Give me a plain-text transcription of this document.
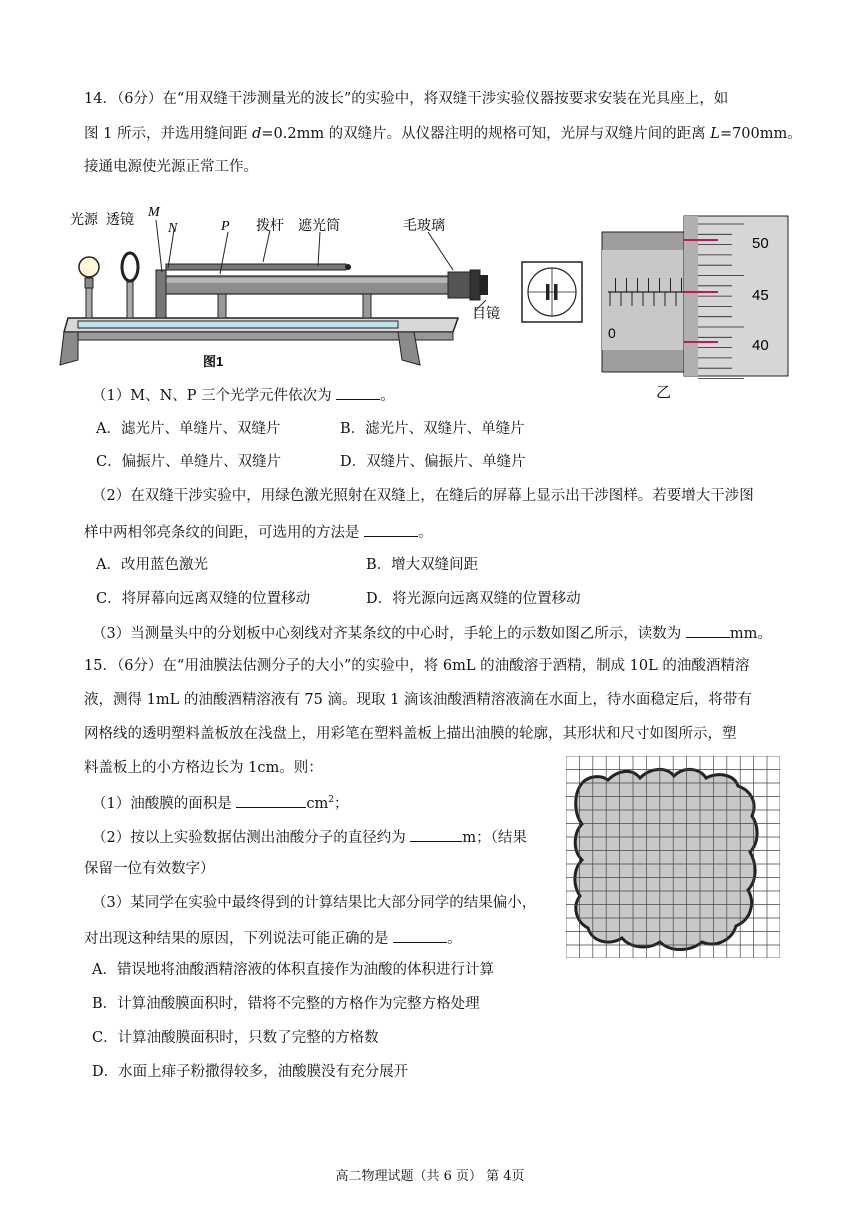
14．（6分）在“用双缝干涉测量光的波长”的实验中，将双缝干涉实验仪器按要求安装在光具座上，如
图 1 所示，并选用缝间距 d=0.2mm 的双缝片。从仪器注明的规格可知，光屏与双缝片间的距离 L=700mm。
接通电源使光源正常工作。
光源 透镜
M
N	P 拨杆 遮光筒	毛玻璃
目镜
图1
0
50
45
40
乙
（1）M、N、P 三个光学元件依次为	。
A．滤光片、单缝片、双缝片	B．滤光片、双缝片、单缝片
C．偏振片、单缝片、双缝片	D．双缝片、偏振片、单缝片
（2）在双缝干涉实验中，用绿色激光照射在双缝上，在缝后的屏幕上显示出干涉图样。若要增大干涉图
样中两相邻亮条纹的间距，可选用的方法是	。
A．改用蓝色激光	B．增大双缝间距
C．将屏幕向远离双缝的位置移动	D．将光源向远离双缝的位置移动
（3）当测量头中的分划板中心刻线对齐某条纹的中心时，手轮上的示数如图乙所示，读数为	mm。
15．（6分）在“用油膜法估测分子的大小”的实验中，将 6mL 的油酸溶于酒精，制成 10L 的油酸酒精溶
液，测得 1mL 的油酸酒精溶液有 75 滴。现取 1 滴该油酸酒精溶液滴在水面上，待水面稳定后，将带有
网格线的透明塑料盖板放在浅盘上，用彩笔在塑料盖板上描出油膜的轮廓，其形状和尺寸如图所示，塑
料盖板上的小方格边长为 1cm。则：
（1）油酸膜的面积是	$cm^2$；
（2）按以上实验数据估测出油酸分子的直径约为	m；（结果
保留一位有效数字）
（3）某同学在实验中最终得到的计算结果比大部分同学的结果偏小，
对出现这种结果的原因，下列说法可能正确的是	。
A．错误地将油酸酒精溶液的体积直接作为油酸的体积进行计算
B．计算油酸膜面积时，错将不完整的方格作为完整方格处理
C．计算油酸膜面积时，只数了完整的方格数
D．水面上痱子粉撒得较多，油酸膜没有充分展开
高二物理试题（共 6 页） 第 4页
